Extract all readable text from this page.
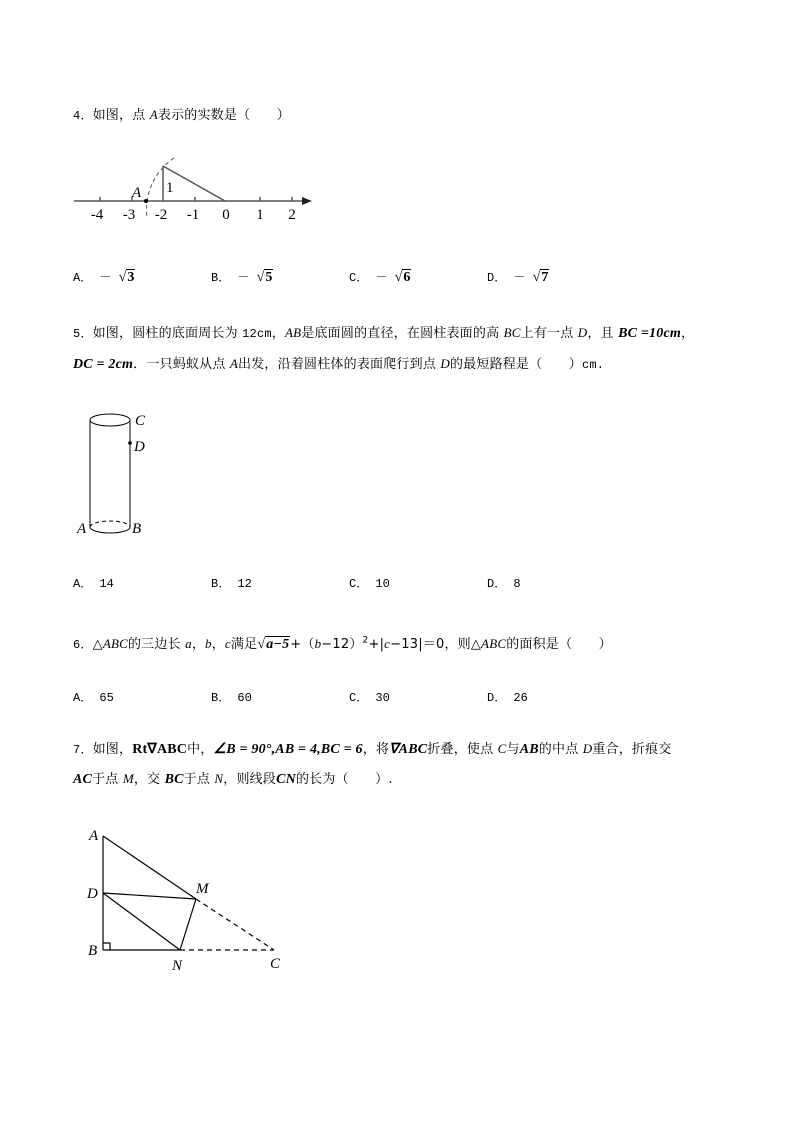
4．如图，点 A表示的实数是（　　）
A 1
-4 -3 -2 -1 0 1 2
C
D
A	B
A
D
B
N	C
M
A． － √3	B． － √5	C． － √6	D． － √7
5．如图，圆柱的底面周长为 12cm，AB是底面圆的直径，在圆柱表面的高 BC上有一点 D，且 BC =10cm，
DC = 2cm．一只蚂蚁从点 A出发，沿着圆柱体的表面爬行到点 D的最短路程是（　　）cm.
A． 14	B． 12	C． 10	D． 8
6．△ABC的三边长 a，b，c满足$√a-5+(b-12)^2+|c-13|=0$，则△ABC的面积是（　　）
A． 65	B． 60	C． 30	D． 26
7．如图，Rt∇ABC中，∠B = 90°,AB = 4,BC = 6，将∇ABC折叠，使点 C与AB的中点 D重合，折痕交
AC于点 M，交 BC于点 N，则线段CN的长为（　　）.
